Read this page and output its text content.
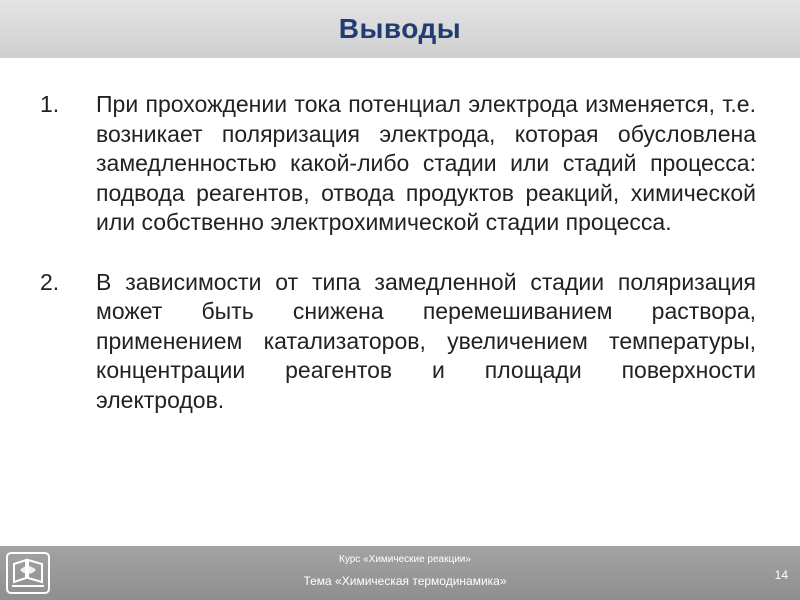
Выводы
1.	При прохождении тока потенциал электрода изменяется, т.е. возникает поляризация электрода, которая обусловлена замедленностью какой-либо стадии или стадий процесса: подвода реагентов, отвода продуктов реакций, химической или собственно электрохимической стадии процесса.
2.	В зависимости от типа замедленной стадии поляризация может быть снижена перемешиванием раствора, применением катализаторов, увеличением температуры, концентрации реагентов и площади поверхности электродов.
Курс «Химические реакции»
Тема «Химическая термодинамика»	14
